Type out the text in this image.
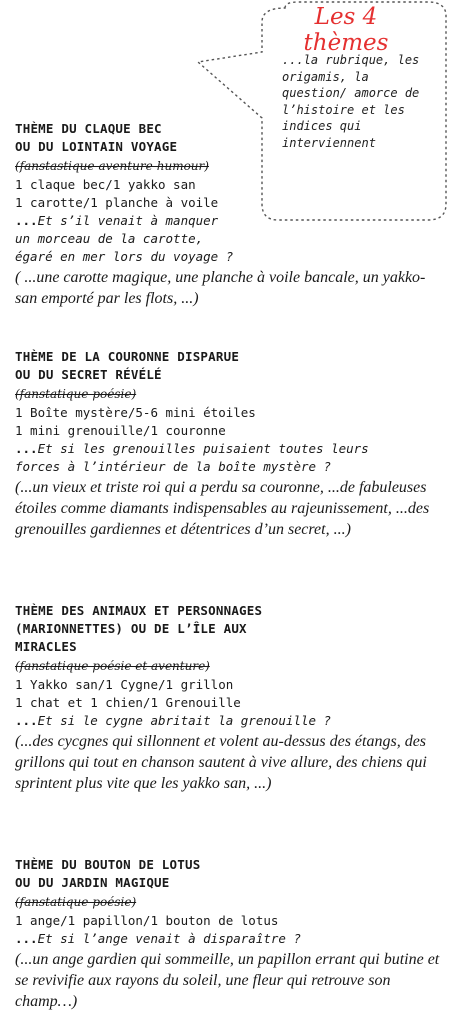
Les 4 thèmes
...la rubrique, les origamis, la question/ amorce de l’histoire et les indices qui interviennent
THÈME DU CLAQUE BEC
OU DU LOINTAIN VOYAGE
(fanstastique-aventure-humour)
1 claque bec/1 yakko san
1 carotte/1 planche à voile
...Et s’il venait à manquer
un morceau de la carotte,
égaré en mer lors du voyage ?
( ...une carotte magique, une planche à voile bancale, un yakko-san emporté par les flots, ...)
THÈME DE LA COURONNE DISPARUE
OU DU SECRET RÉVÉLÉ
(fanstatique-poésie)
1 Boîte mystère/5-6 mini étoiles
1 mini grenouille/1 couronne
...Et si les grenouilles puisaient toutes leurs
forces à l’intérieur de la boîte mystère ?
(...un vieux et triste roi qui a perdu sa couronne, ...de fabuleuses étoiles comme diamants indispensables au rajeunissement, ...des grenouilles gardiennes et détentrices d’un secret, ...)
THÈME DES ANIMAUX ET PERSONNAGES
(MARIONNETTES) OU DE L’ÎLE AUX
MIRACLES
(fanstatique-poésie et aventure)
1 Yakko san/1 Cygne/1 grillon
1 chat et 1 chien/1 Grenouille
...Et si le cygne abritait la grenouille ?
(...des cycgnes qui sillonnent et volent au-dessus des étangs, des grillons qui tout en chanson sautent à vive allure, des chiens qui sprintent plus vite que les yakko san, ...)
THÈME DU BOUTON DE LOTUS
OU DU JARDIN MAGIQUE
(fanstatique-poésie)
1 ange/1 papillon/1 bouton de lotus
...Et si l’ange venait à disparaître ?
(...un ange gardien qui sommeille, un papillon errant qui butine et se revivifie aux rayons du soleil, une fleur qui retrouve son champ…)
